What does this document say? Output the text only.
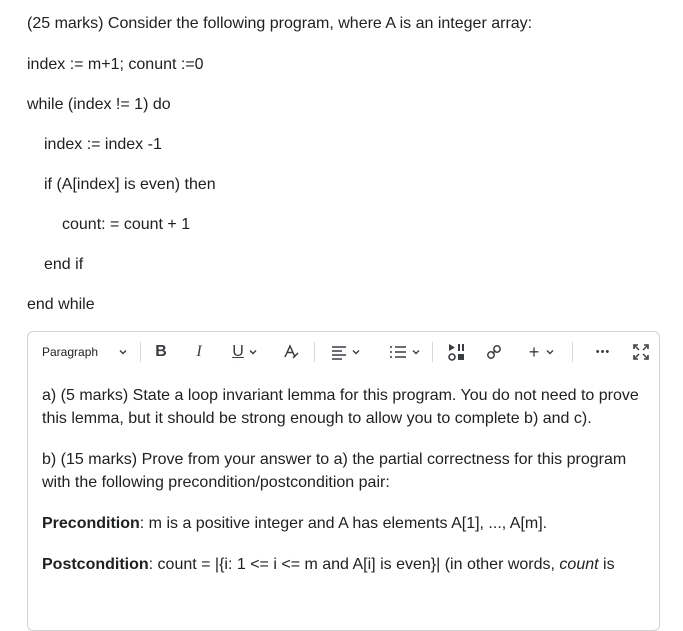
(25 marks) Consider the following program, where A is an integer array:
index := m+1; conunt :=0
while (index != 1) do
index := index -1
if (A[index] is even) then
count: = count + 1
end if
end while
Paragraph	B	I	U	+	•••

a) (5 marks) State a loop invariant lemma for this program. You do not need to prove this lemma, but it should be strong enough to allow you to complete b) and c).

b) (15 marks) Prove from your answer to a) the partial correctness for this program with the following precondition/postcondition pair:

Precondition: m is a positive integer and A has elements A[1], ..., A[m].

Postcondition: count = |{i: 1 <= i <= m and A[i] is even}| (in other words, count is
